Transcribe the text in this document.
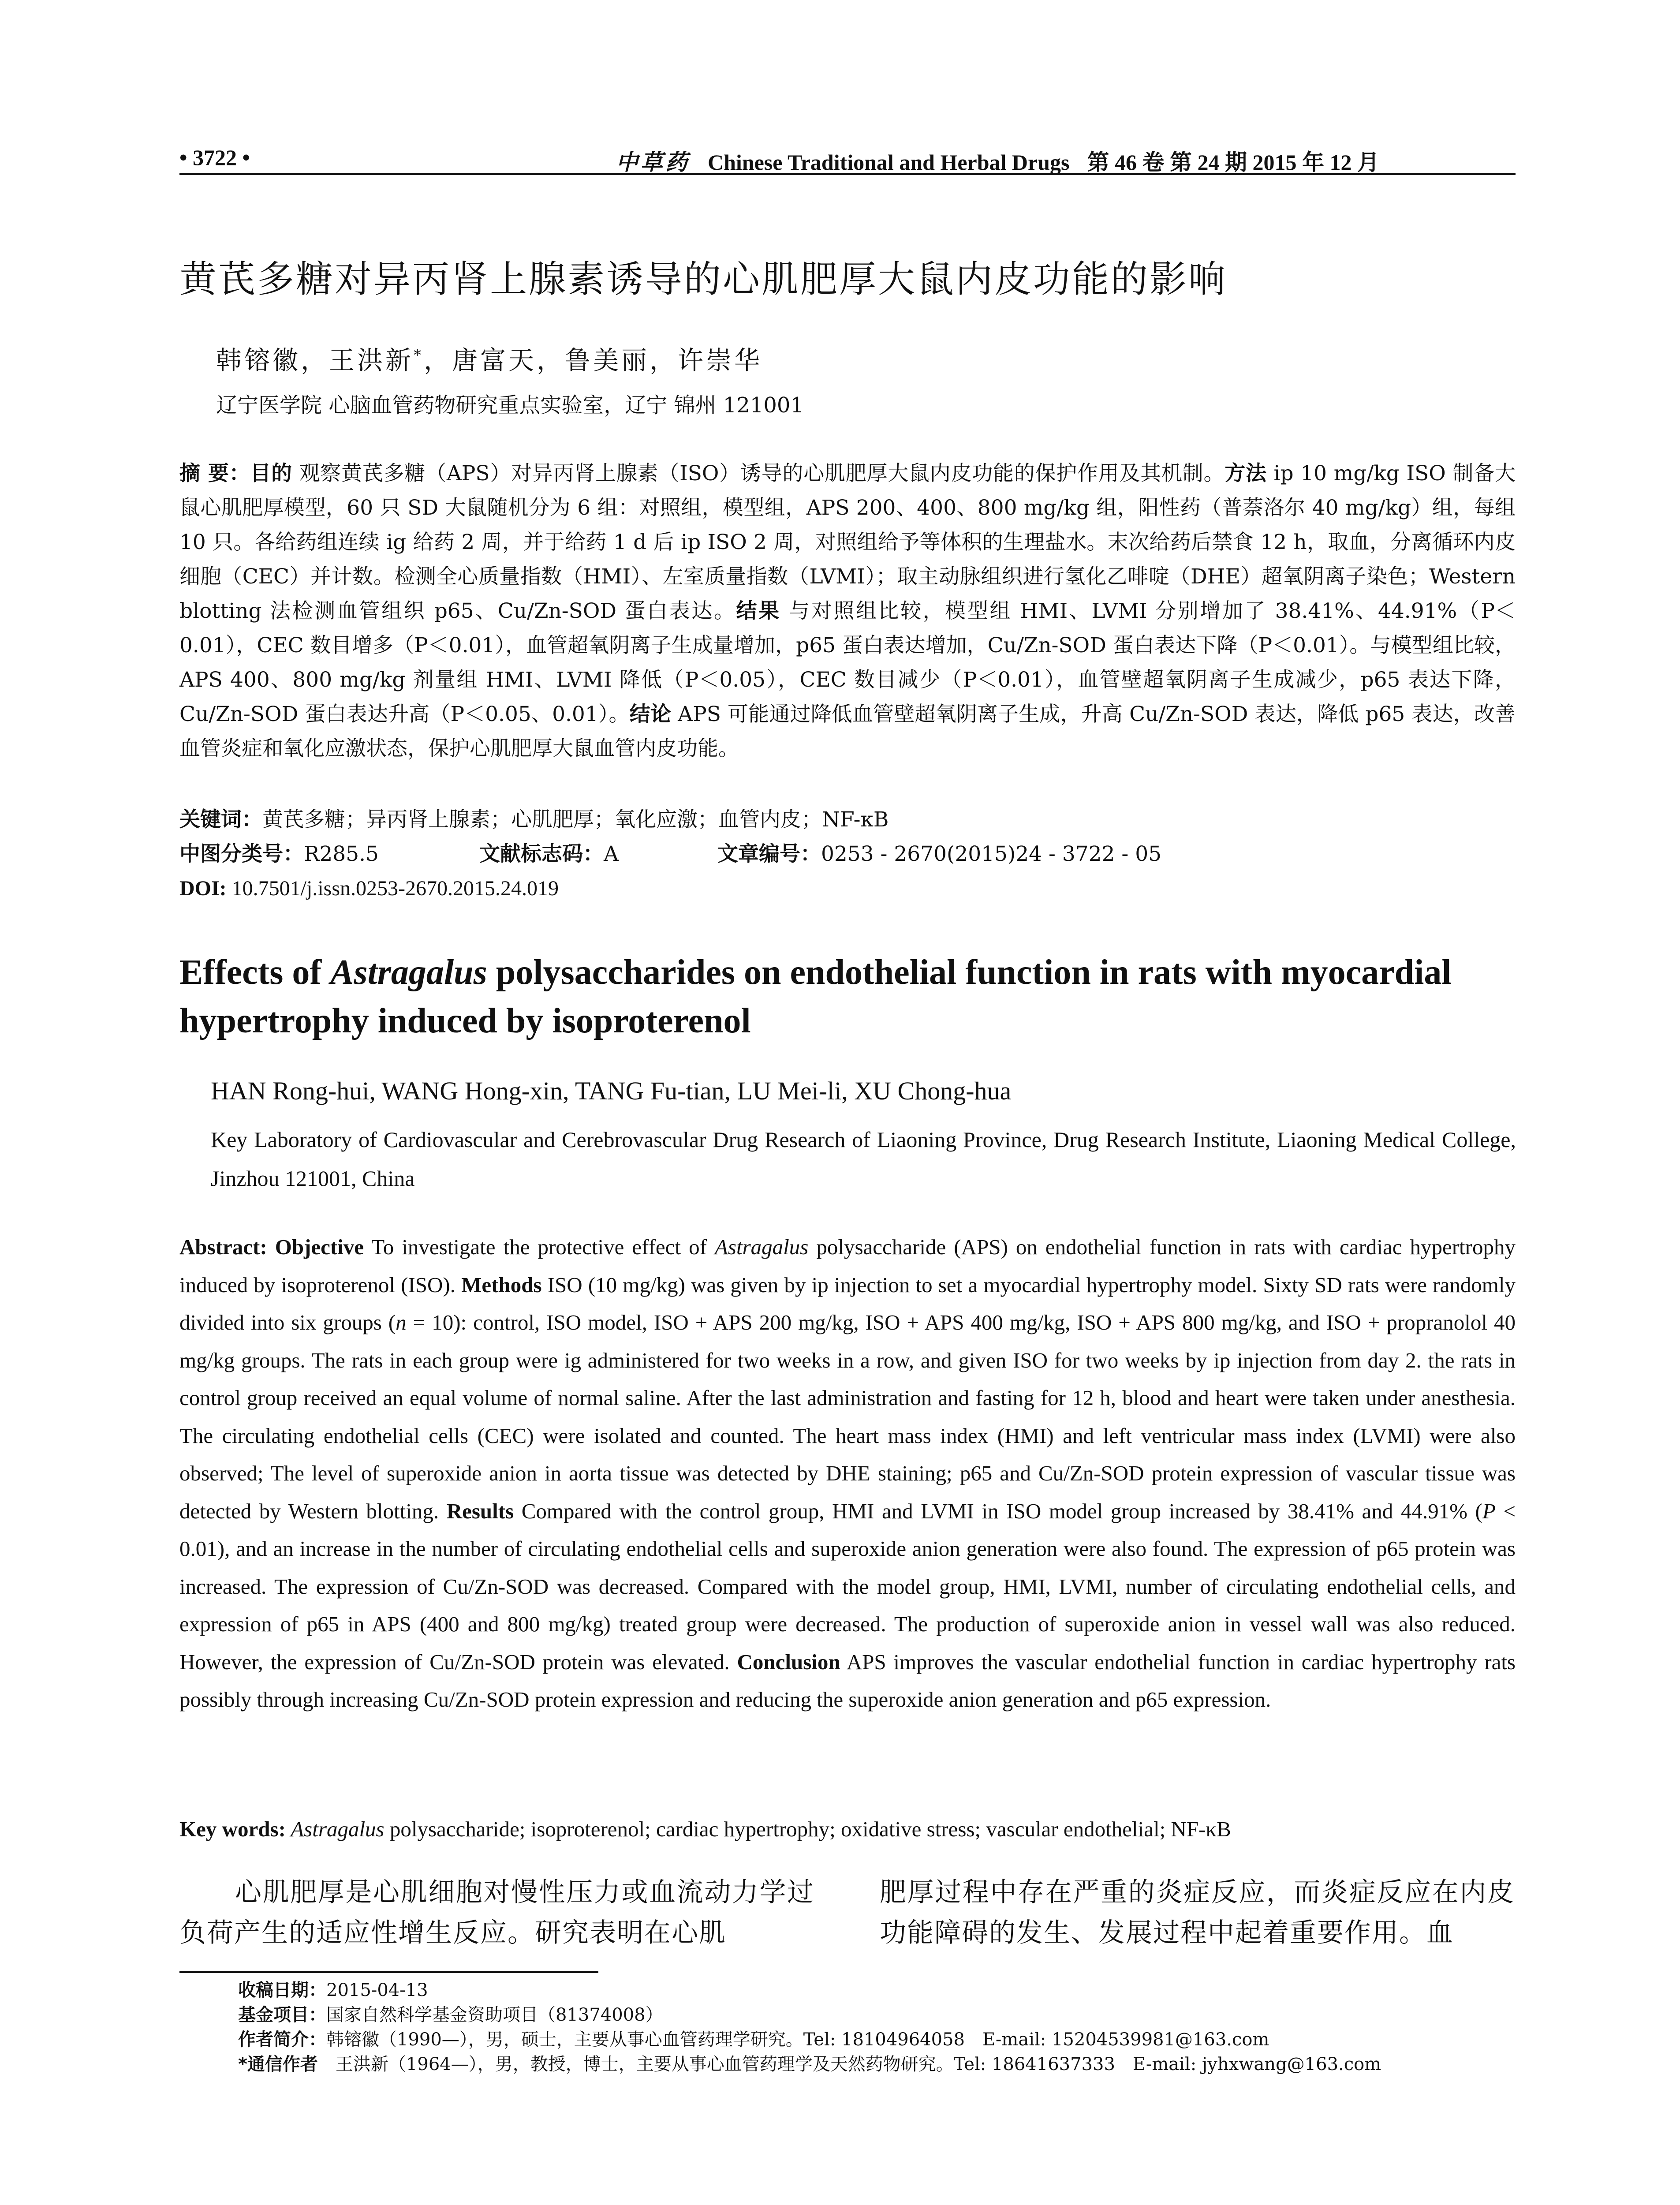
• 3722 •	中草药 Chinese Traditional and Herbal Drugs 第 46 卷 第 24 期 2015 年 12 月
黄芪多糖对异丙肾上腺素诱导的心肌肥厚大鼠内皮功能的影响
韩镕徽，王洪新*，唐富天，鲁美丽，许崇华
辽宁医学院 心脑血管药物研究重点实验室，辽宁 锦州 121001
摘 要：目的 观察黄芪多糖（APS）对异丙肾上腺素（ISO）诱导的心肌肥厚大鼠内皮功能的保护作用及其机制。方法 ip 10 mg/kg ISO 制备大鼠心肌肥厚模型，60 只 SD 大鼠随机分为 6 组：对照组，模型组，APS 200、400、800 mg/kg 组，阳性药（普萘洛尔 40 mg/kg）组，每组 10 只。各给药组连续 ig 给药 2 周，并于给药 1 d 后 ip ISO 2 周，对照组给予等体积的生理盐水。末次给药后禁食 12 h，取血，分离循环内皮细胞（CEC）并计数。检测全心质量指数（HMI）、左室质量指数（LVMI）；取主动脉组织进行氢化乙啡啶（DHE）超氧阴离子染色；Western blotting 法检测血管组织 p65、Cu/Zn-SOD 蛋白表达。结果 与对照组比较，模型组 HMI、LVMI 分别增加了 38.41%、44.91%（P＜0.01），CEC 数目增多（P＜0.01），血管超氧阴离子生成量增加，p65 蛋白表达增加，Cu/Zn-SOD 蛋白表达下降（P＜0.01）。与模型组比较，APS 400、800 mg/kg 剂量组 HMI、LVMI 降低（P＜0.05），CEC 数目减少（P＜0.01），血管壁超氧阴离子生成减少，p65 表达下降，Cu/Zn-SOD 蛋白表达升高（P＜0.05、0.01）。结论 APS 可能通过降低血管壁超氧阴离子生成，升高 Cu/Zn-SOD 表达，降低 p65 表达，改善血管炎症和氧化应激状态，保护心肌肥厚大鼠血管内皮功能。
关键词：黄芪多糖；异丙肾上腺素；心肌肥厚；氧化应激；血管内皮；NF-κB
中图分类号：R285.5	文献标志码：A	文章编号：0253 - 2670(2015)24 - 3722 - 05
DOI: 10.7501/j.issn.0253-2670.2015.24.019
Effects of Astragalus polysaccharides on endothelial function in rats with myocardial hypertrophy induced by isoproterenol
HAN Rong-hui, WANG Hong-xin, TANG Fu-tian, LU Mei-li, XU Chong-hua
Key Laboratory of Cardiovascular and Cerebrovascular Drug Research of Liaoning Province, Drug Research Institute, Liaoning Medical College, Jinzhou 121001, China
Abstract: Objective To investigate the protective effect of Astragalus polysaccharide (APS) on endothelial function in rats with cardiac hypertrophy induced by isoproterenol (ISO). Methods ISO (10 mg/kg) was given by ip injection to set a myocardial hypertrophy model. Sixty SD rats were randomly divided into six groups (n = 10): control, ISO model, ISO + APS 200 mg/kg, ISO + APS 400 mg/kg, ISO + APS 800 mg/kg, and ISO + propranolol 40 mg/kg groups. The rats in each group were ig administered for two weeks in a row, and given ISO for two weeks by ip injection from day 2. the rats in control group received an equal volume of normal saline. After the last administration and fasting for 12 h, blood and heart were taken under anesthesia. The circulating endothelial cells (CEC) were isolated and counted. The heart mass index (HMI) and left ventricular mass index (LVMI) were also observed; The level of superoxide anion in aorta tissue was detected by DHE staining; p65 and Cu/Zn-SOD protein expression of vascular tissue was detected by Western blotting. Results Compared with the control group, HMI and LVMI in ISO model group increased by 38.41% and 44.91% (P < 0.01), and an increase in the number of circulating endothelial cells and superoxide anion generation were also found. The expression of p65 protein was increased. The expression of Cu/Zn-SOD was decreased. Compared with the model group, HMI, LVMI, number of circulating endothelial cells, and expression of p65 in APS (400 and 800 mg/kg) treated group were decreased. The production of superoxide anion in vessel wall was also reduced. However, the expression of Cu/Zn-SOD protein was elevated. Conclusion APS improves the vascular endothelial function in cardiac hypertrophy rats possibly through increasing Cu/Zn-SOD protein expression and reducing the superoxide anion generation and p65 expression.
Key words: Astragalus polysaccharide; isoproterenol; cardiac hypertrophy; oxidative stress; vascular endothelial; NF-κB
心肌肥厚是心肌细胞对慢性压力或血流动力学过负荷产生的适应性增生反应。研究表明在心肌
肥厚过程中存在严重的炎症反应，而炎症反应在内皮功能障碍的发生、发展过程中起着重要作用。血
收稿日期：2015-04-13
基金项目：国家自然科学基金资助项目（81374008）
作者简介：韩镕徽（1990—），男，硕士，主要从事心血管药理学研究。Tel: 18104964058　E-mail: 15204539981@163.com
*通信作者　王洪新（1964—），男，教授，博士，主要从事心血管药理学及天然药物研究。Tel: 18641637333　E-mail: jyhxwang@163.com
